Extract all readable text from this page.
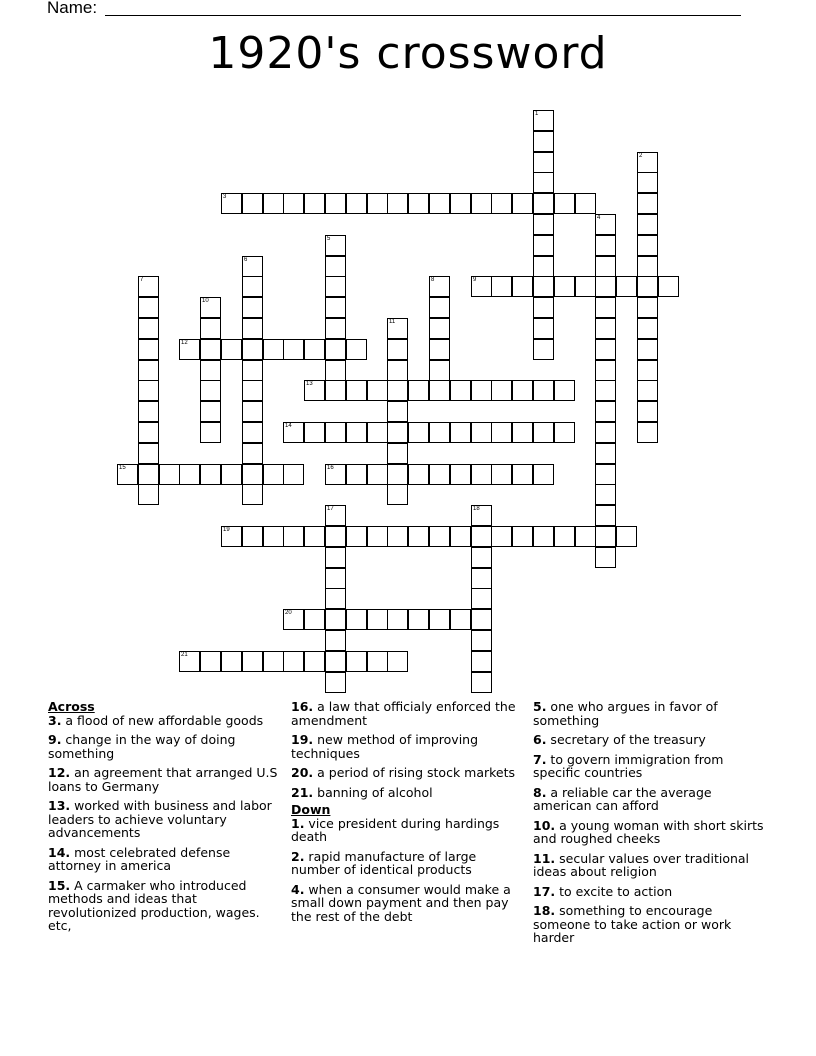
Name:
1920's crossword
1
2
3
4
5
6
7	8	9
10
11
12
13
14
15	16
17	18
19
20
21
Across
3. a flood of new affordable goods
9. change in the way of doing something
12. an agreement that arranged U.S loans to Germany
13. worked with business and labor leaders to achieve voluntary advancements
14. most celebrated defense attorney in america
15. A carmaker who introduced methods and ideas that revolutionized production, wages. etc,
16. a law that officialy enforced the amendment
19. new method of improving techniques
20. a period of rising stock markets
21. banning of alcohol
Down
1. vice president during hardings death
2. rapid manufacture of large number of identical products
4. when a consumer would make a small down payment and then pay the rest of the debt
5. one who argues in favor of something
6. secretary of the treasury
7. to govern immigration from specific countries
8. a reliable car the average american can afford
10. a young woman with short skirts and roughed cheeks
11. secular values over traditional ideas about religion
17. to excite to action
18. something to encourage someone to take action or work harder
